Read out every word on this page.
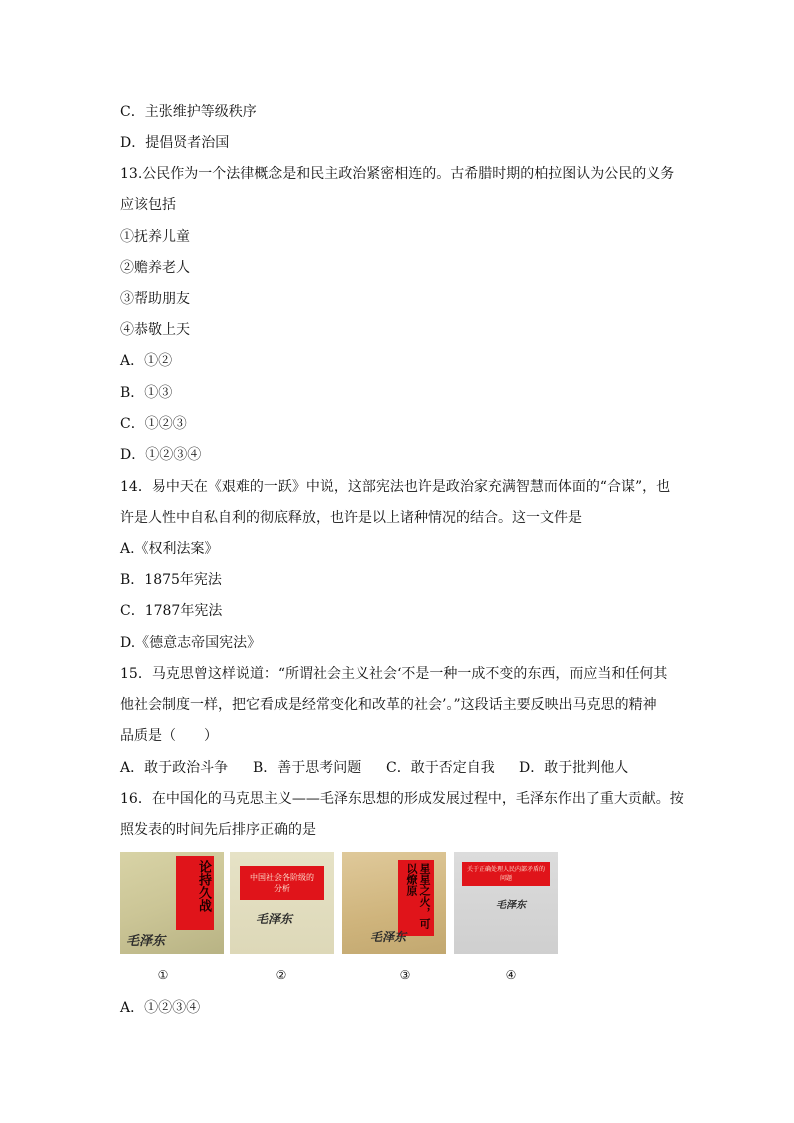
C．主张维护等级秩序
D．提倡贤者治国
13.公民作为一个法律概念是和民主政治紧密相连的。古希腊时期的柏拉图认为公民的义务
应该包括
①抚养儿童
②赡养老人
③帮助朋友
④恭敬上天
A．①②
B．①③
C．①②③
D．①②③④
14．易中天在《艰难的一跃》中说，这部宪法也许是政治家充满智慧而体面的“合谋”，也
许是人性中自私自利的彻底释放，也许是以上诸种情况的结合。这一文件是
A.《权利法案》
B．1875年宪法
C．1787年宪法
D.《德意志帝国宪法》
15．马克思曾这样说道：“所谓社会主义社会‘不是一种一成不变的东西，而应当和任何其
他社会制度一样，把它看成是经常变化和改革的社会’。”这段话主要反映出马克思的精神
品质是（　　）
A．敢于政治斗争 B．善于思考问题 C．敢于否定自我 D．敢于批判他人
16．在中国化的马克思主义——毛泽东思想的形成发展过程中，毛泽东作出了重大贡献。按
照发表的时间先后排序正确的是
论持久战
毛泽东
中国社会各阶级的分析
毛泽东	星星之火，可以燎原
毛泽东
关于正确处理人民内部矛盾的问题
毛泽东
①	②	③	④
A．①②③④
